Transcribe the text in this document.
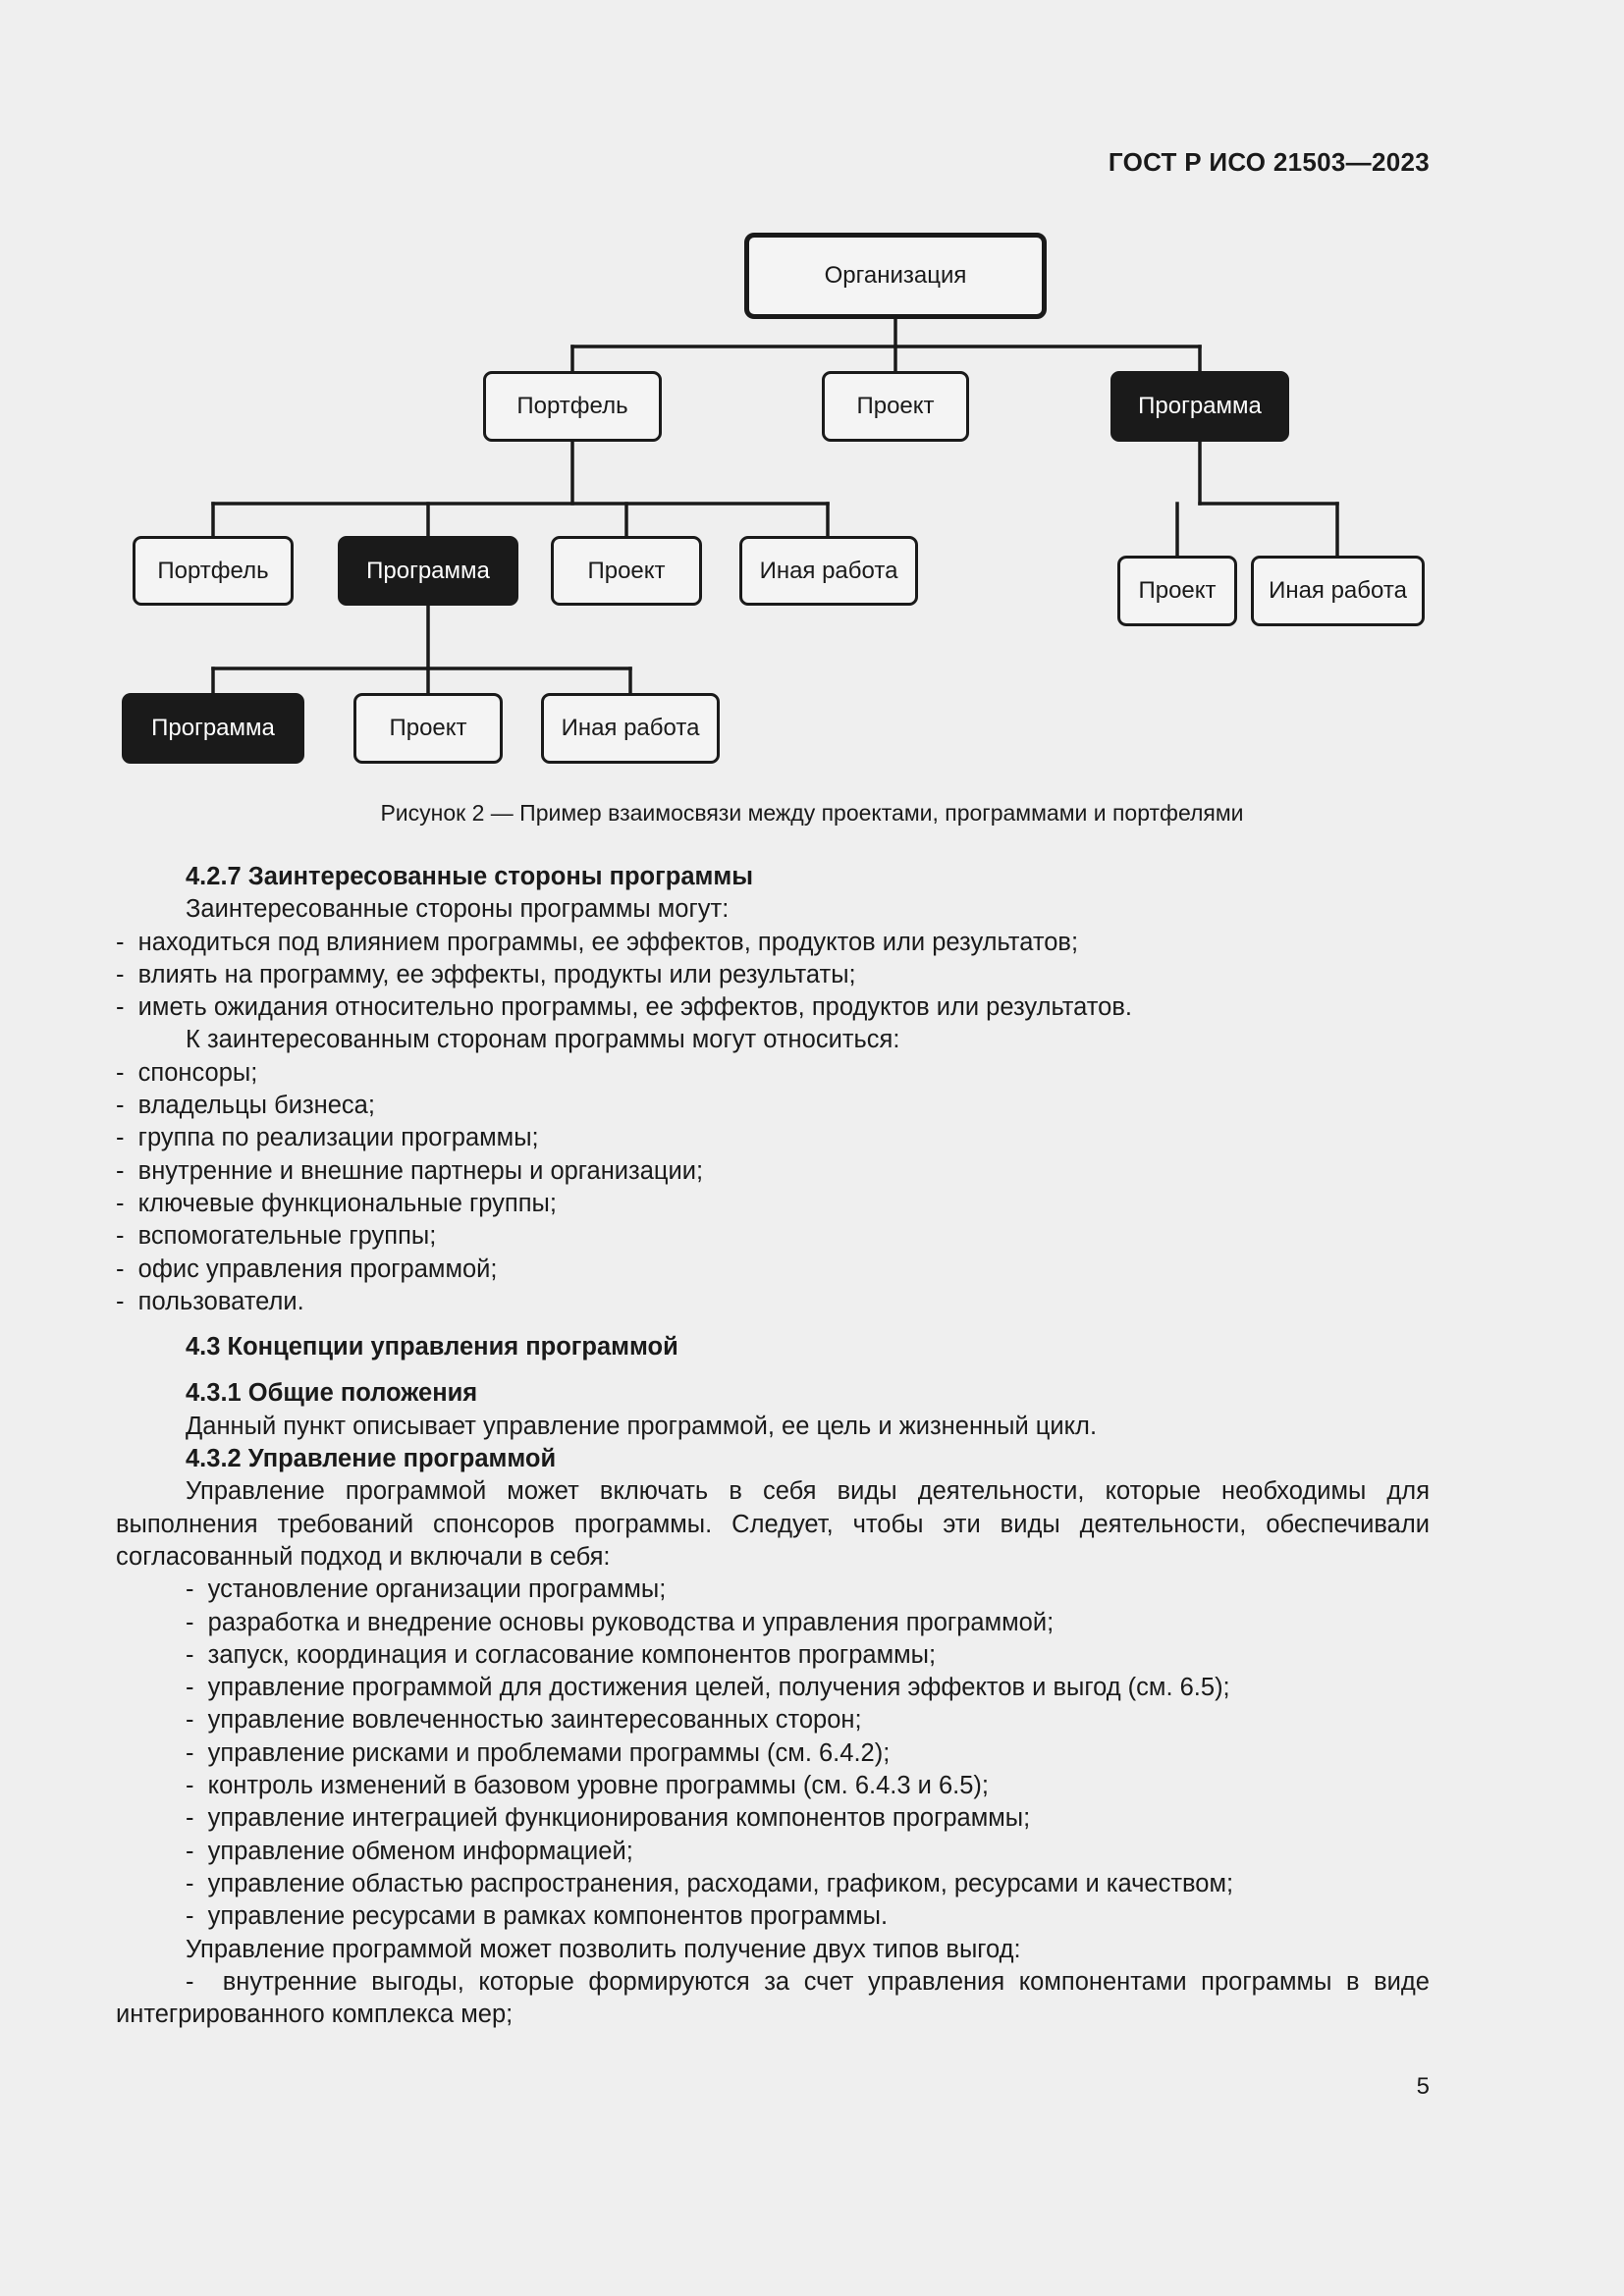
ГОСТ Р ИСО 21503—2023
Организация
Портфель	Проект	Программа
Портфель	Программа	Проект	Иная работа
Проект	Иная работа
Программа	Проект	Иная работа
Рисунок 2 — Пример взаимосвязи между проектами, программами и портфелями

4.2.7 Заинтересованные стороны программы

Заинтересованные стороны программы могут:

-  находиться под влиянием программы, ее эффектов, продуктов или результатов;

-  влиять на программу, ее эффекты, продукты или результаты;

-  иметь ожидания относительно программы, ее эффектов, продуктов или результатов.

К заинтересованным сторонам программы могут относиться:

-  спонсоры;

-  владельцы бизнеса;

-  группа по реализации программы;

-  внутренние и внешние партнеры и организации;

-  ключевые функциональные группы;

-  вспомогательные группы;

-  офис управления программой;

-  пользователи.

4.3 Концепции управления программой

4.3.1 Общие положения

Данный пункт описывает управление программой, ее цель и жизненный цикл.

4.3.2 Управление программой

Управление программой может включать в себя виды деятельности, которые необходимы для выполнения требований спонсоров программы. Следует, чтобы эти виды деятельности, обеспечивали согласованный подход и включали в себя:

-  установление организации программы;

-  разработка и внедрение основы руководства и управления программой;

-  запуск, координация и согласование компонентов программы;

-  управление программой для достижения целей, получения эффектов и выгод (см. 6.5);

-  управление вовлеченностью заинтересованных сторон;

-  управление рисками и проблемами программы (см. 6.4.2);

-  контроль изменений в базовом уровне программы (см. 6.4.3 и 6.5);

-  управление интеграцией функционирования компонентов программы;

-  управление обменом информацией;

-  управление областью распространения, расходами, графиком, ресурсами и качеством;

-  управление ресурсами в рамках компонентов программы.

Управление программой может позволить получение двух типов выгод:

-  внутренние выгоды, которые формируются за счет управления компонентами программы в виде интегрированного комплекса мер;

5
